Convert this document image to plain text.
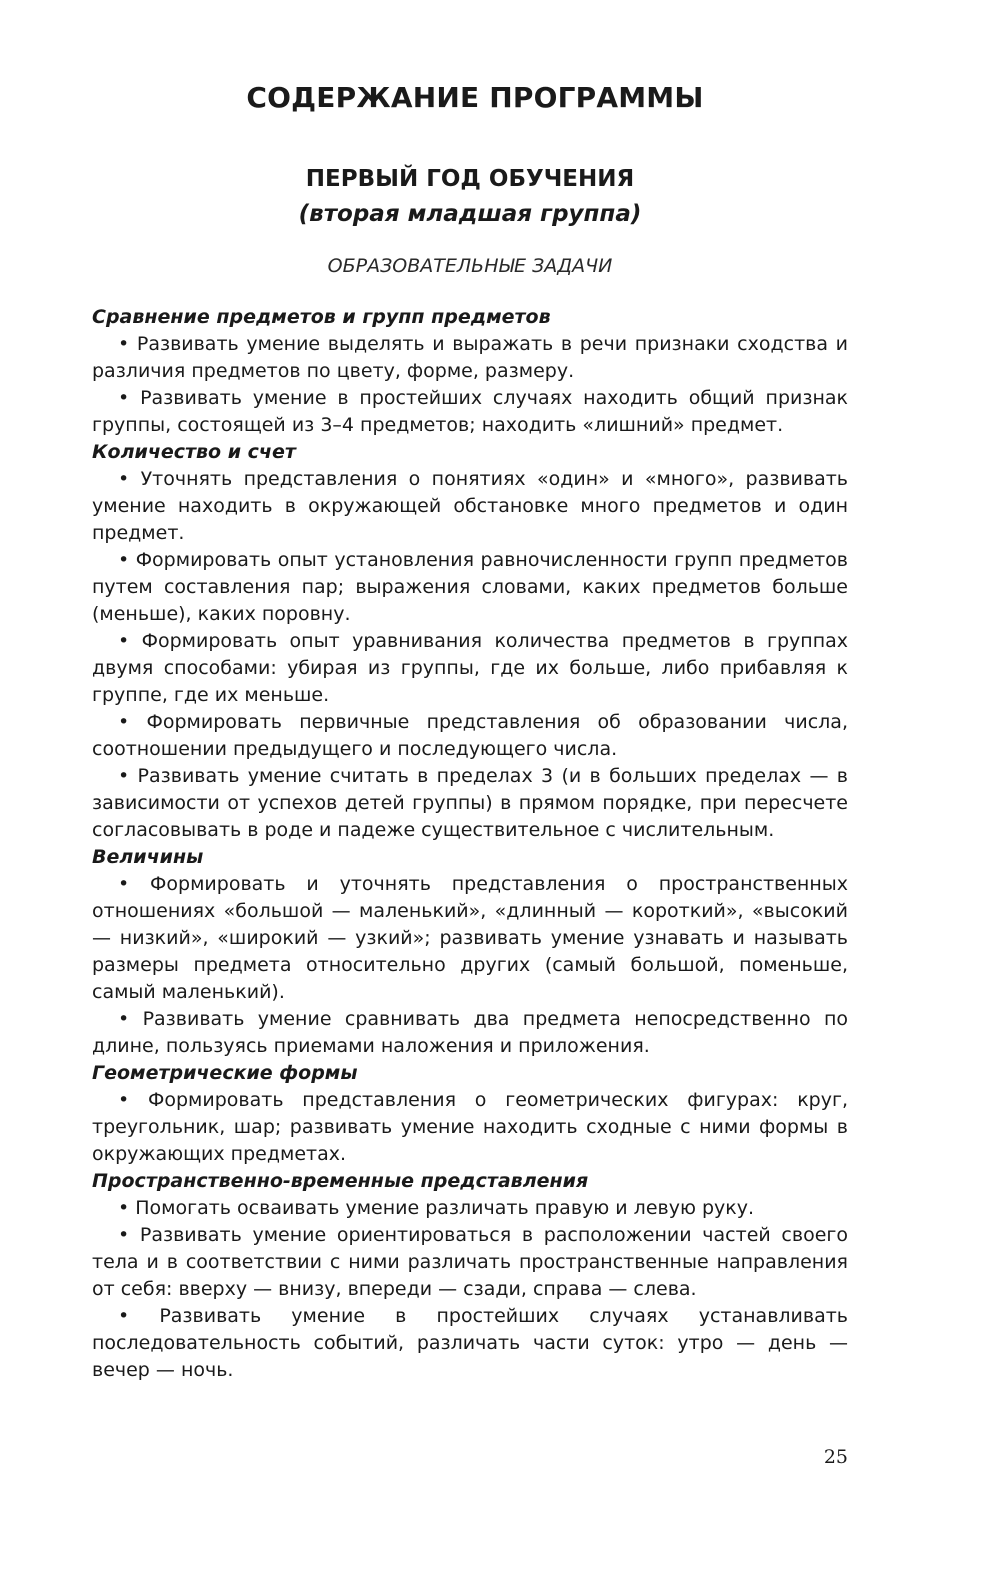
СОДЕРЖАНИЕ ПРОГРАММЫ
ПЕРВЫЙ ГОД ОБУЧЕНИЯ
(вторая младшая группа)
ОБРАЗОВАТЕЛЬНЫЕ ЗАДАЧИ
Сравнение предметов и групп предметов

• Развивать умение выделять и выражать в речи признаки сходства и различия предметов по цвету, форме, размеру.

• Развивать умение в простейших случаях находить общий признак группы, состоящей из 3–4 предметов; находить «лишний» предмет.

Количество и счет

• Уточнять представления о понятиях «один» и «много», развивать умение находить в окружающей обстановке много предметов и один предмет.

• Формировать опыт установления равночисленности групп предметов путем составления пар; выражения словами, каких предметов больше (меньше), каких поровну.

• Формировать опыт уравнивания количества предметов в группах двумя способами: убирая из группы, где их больше, либо прибавляя к группе, где их меньше.

• Формировать первичные представления об образовании числа, соотношении предыдущего и последующего числа.

• Развивать умение считать в пределах 3 (и в больших пределах — в зависимости от успехов детей группы) в прямом порядке, при пересчете согласовывать в роде и падеже существительное с числительным.

Величины

• Формировать и уточнять представления о пространственных отношениях «большой — маленький», «длинный — короткий», «высокий — низкий», «широкий — узкий»; развивать умение узнавать и называть размеры предмета относительно других (самый большой, поменьше, самый маленький).

• Развивать умение сравнивать два предмета непосредственно по длине, пользуясь приемами наложения и приложения.

Геометрические формы

• Формировать представления о геометрических фигурах: круг, треугольник, шар; развивать умение находить сходные с ними формы в окружающих предметах.

Пространственно-временные представления

• Помогать осваивать умение различать правую и левую руку.

• Развивать умение ориентироваться в расположении частей своего тела и в соответствии с ними различать пространственные направления от себя: вверху — внизу, впереди — сзади, справа — слева.

• Развивать умение в простейших случаях устанавливать последовательность событий, различать части суток: утро — день — вечер — ночь.

25
